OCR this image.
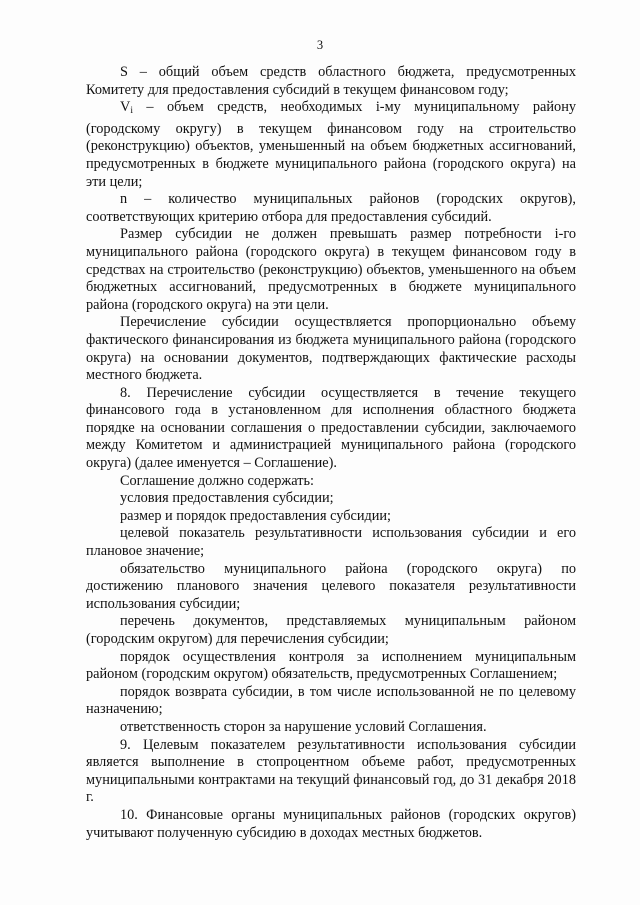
3

S – общий объем средств областного бюджета, предусмотренных Комитету для предоставления субсидий в текущем финансовом году;

$V_i$ – объем средств, необходимых i-му муниципальному району (городскому округу) в текущем финансовом году на строительство (реконструкцию) объектов, уменьшенный на объем бюджетных ассигнований, предусмотренных в бюджете муниципального района (городского округа) на эти цели;

n – количество муниципальных районов (городских округов), соответствующих критерию отбора для предоставления субсидий.

Размер субсидии не должен превышать размер потребности i-го муниципального района (городского округа) в текущем финансовом году в средствах на строительство (реконструкцию) объектов, уменьшенного на объем бюджетных ассигнований, предусмотренных в бюджете муниципального района (городского округа) на эти цели.

Перечисление субсидии осуществляется пропорционально объему фактического финансирования из бюджета муниципального района (городского округа) на основании документов, подтверждающих фактические расходы местного бюджета.

8. Перечисление субсидии осуществляется в течение текущего финансового года в установленном для исполнения областного бюджета порядке на основании соглашения о предоставлении субсидии, заключаемого между Комитетом и администрацией муниципального района (городского округа) (далее именуется – Соглашение).

Соглашение должно содержать:

условия предоставления субсидии;

размер и порядок предоставления субсидии;

целевой показатель результативности использования субсидии и его плановое значение;

обязательство муниципального района (городского округа) по достижению планового значения целевого показателя результативности использования субсидии;

перечень документов, представляемых муниципальным районом (городским округом) для перечисления субсидии;

порядок осуществления контроля за исполнением муниципальным районом (городским округом) обязательств, предусмотренных Соглашением;

порядок возврата субсидии, в том числе использованной не по целевому назначению;

ответственность сторон за нарушение условий Соглашения.

9. Целевым показателем результативности использования субсидии является выполнение в стопроцентном объеме работ, предусмотренных муниципальными контрактами на текущий финансовый год, до 31 декабря 2018 г.

10. Финансовые органы муниципальных районов (городских округов) учитывают полученную субсидию в доходах местных бюджетов.
